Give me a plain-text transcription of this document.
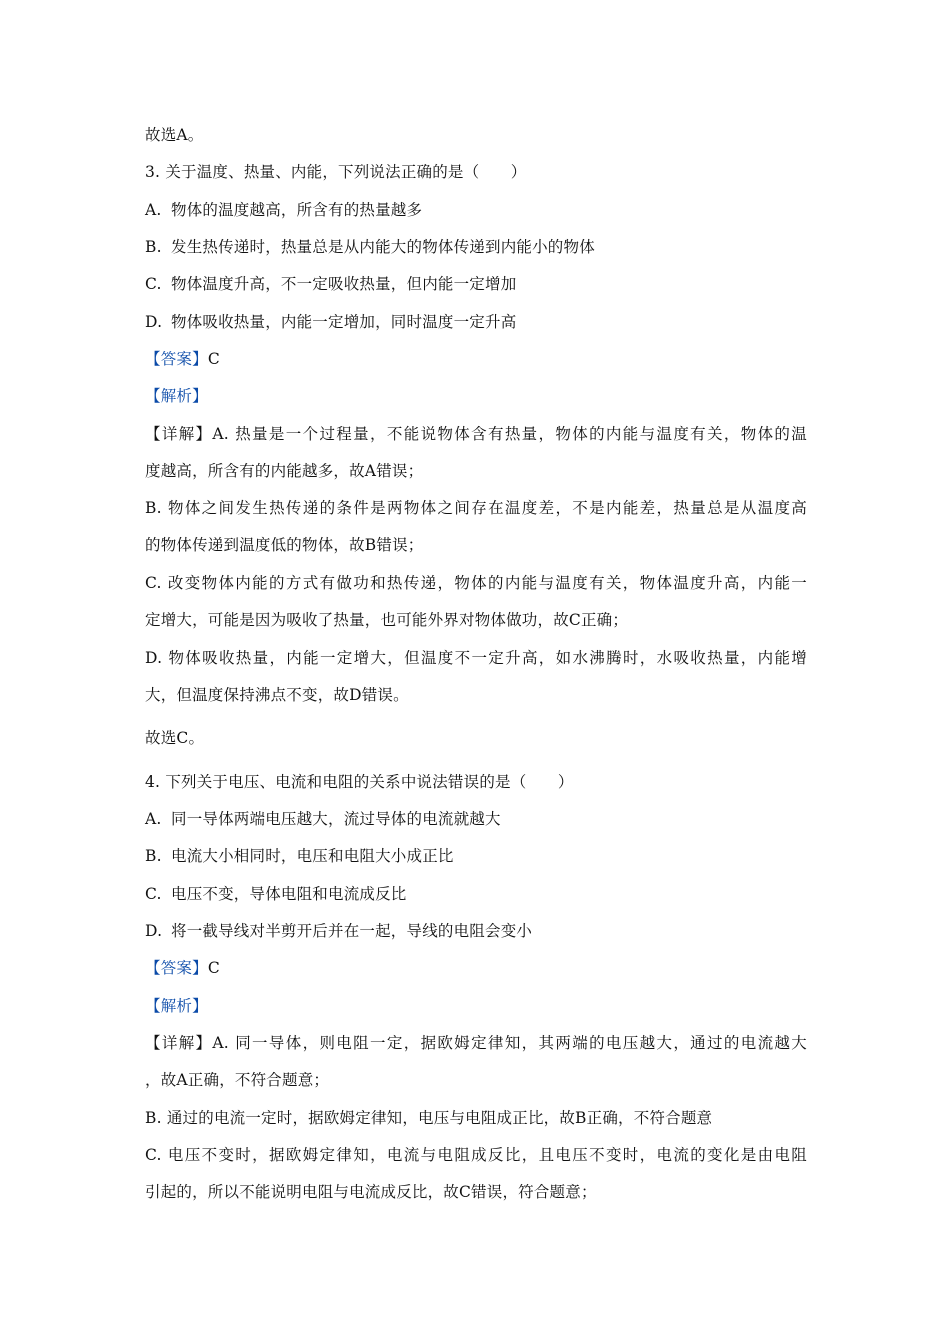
故选A。
3. 关于温度、热量、内能，下列说法正确的是（　　）
A. 物体的温度越高，所含有的热量越多
B. 发生热传递时，热量总是从内能大的物体传递到内能小的物体
C. 物体温度升高，不一定吸收热量，但内能一定增加
D. 物体吸收热量，内能一定增加，同时温度一定升高
【答案】C
【解析】
【详解】A. 热量是一个过程量，不能说物体含有热量，物体的内能与温度有关，物体的温
度越高，所含有的内能越多，故A错误；
B. 物体之间发生热传递的条件是两物体之间存在温度差，不是内能差，热量总是从温度高
的物体传递到温度低的物体，故B错误；
C. 改变物体内能的方式有做功和热传递，物体的内能与温度有关，物体温度升高，内能一
定增大，可能是因为吸收了热量，也可能外界对物体做功，故C正确；
D. 物体吸收热量，内能一定增大，但温度不一定升高，如水沸腾时，水吸收热量，内能增
大，但温度保持沸点不变，故D错误。
故选C。
4. 下列关于电压、电流和电阻的关系中说法错误的是（　　）
A. 同一导体两端电压越大，流过导体的电流就越大
B. 电流大小相同时，电压和电阻大小成正比
C. 电压不变，导体电阻和电流成反比
D. 将一截导线对半剪开后并在一起，导线的电阻会变小
【答案】C
【解析】
【详解】A. 同一导体，则电阻一定，据欧姆定律知，其两端的电压越大，通过的电流越大
，故A正确，不符合题意；
B. 通过的电流一定时，据欧姆定律知，电压与电阻成正比，故B正确，不符合题意
C. 电压不变时，据欧姆定律知，电流与电阻成反比，且电压不变时，电流的变化是由电阻
引起的，所以不能说明电阻与电流成反比，故C错误，符合题意；
